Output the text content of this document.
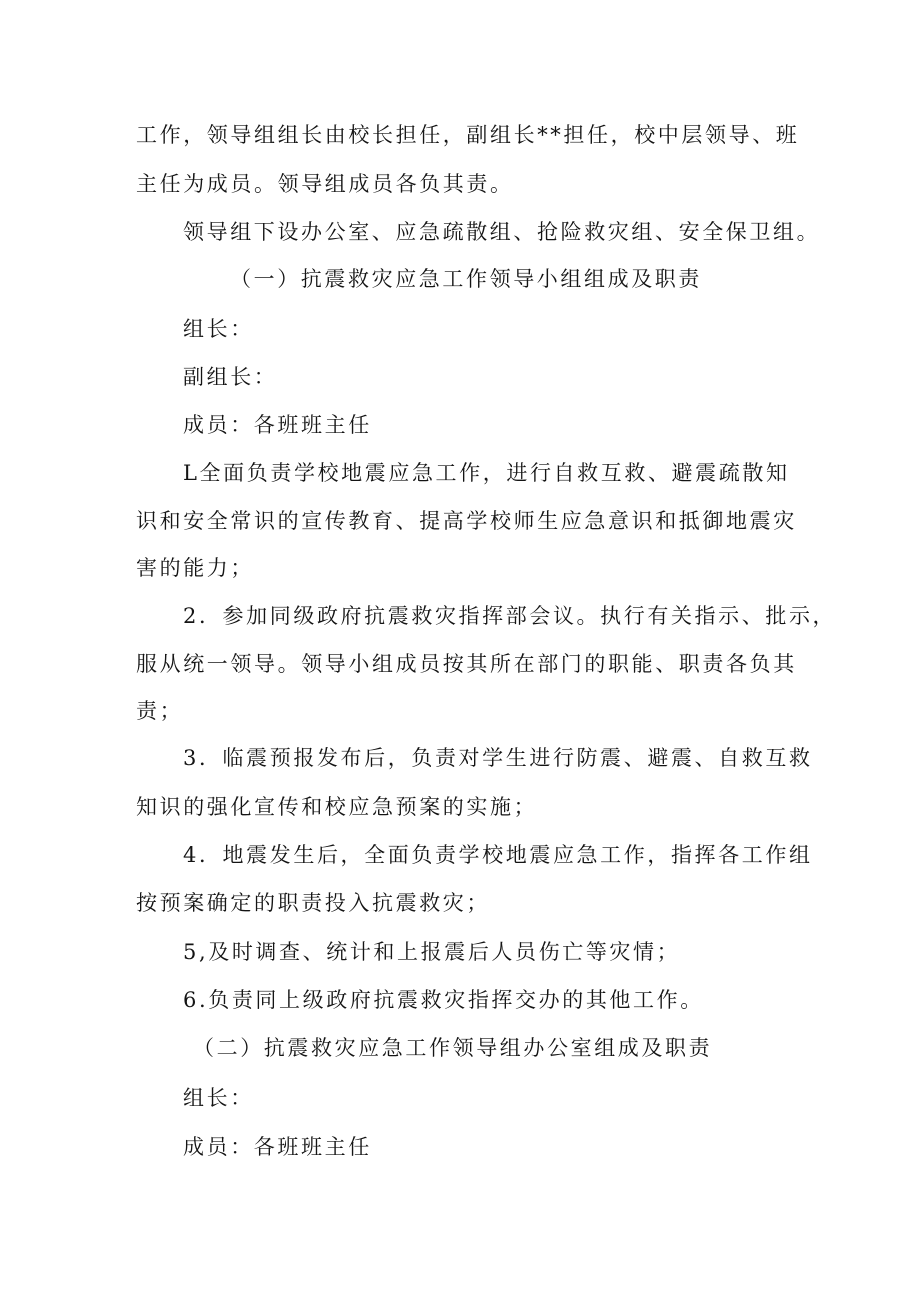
工作，领导组组长由校长担任，副组长**担任，校中层领导、班

主任为成员。领导组成员各负其责。

领导组下设办公室、应急疏散组、抢险救灾组、安全保卫组。

（一）抗震救灾应急工作领导小组组成及职责

组长：

副组长：

成员：各班班主任

L全面负责学校地震应急工作，进行自救互救、避震疏散知

识和安全常识的宣传教育、提高学校师生应急意识和抵御地震灾

害的能力；

2．参加同级政府抗震救灾指挥部会议。执行有关指示、批示，

服从统一领导。领导小组成员按其所在部门的职能、职责各负其

责；

3．临震预报发布后，负责对学生进行防震、避震、自救互救

知识的强化宣传和校应急预案的实施；

4．地震发生后，全面负责学校地震应急工作，指挥各工作组

按预案确定的职责投入抗震救灾；

5,及时调查、统计和上报震后人员伤亡等灾情；

6.负责同上级政府抗震救灾指挥交办的其他工作。

（二）抗震救灾应急工作领导组办公室组成及职责

组长：

成员：各班班主任
